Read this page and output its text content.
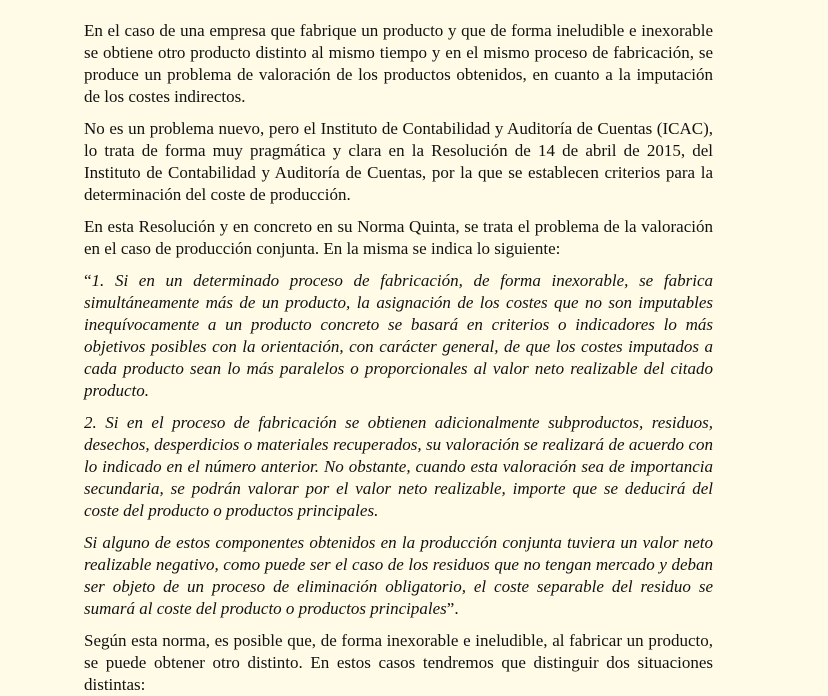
En el caso de una empresa que fabrique un producto y que de forma ineludible e inexorable se obtiene otro producto distinto al mismo tiempo y en el mismo proceso de fabricación, se produce un problema de valoración de los productos obtenidos, en cuanto a la imputación de los costes indirectos.

No es un problema nuevo, pero el Instituto de Contabilidad y Auditoría de Cuentas (ICAC), lo trata de forma muy pragmática y clara en la Resolución de 14 de abril de 2015, del Instituto de Contabilidad y Auditoría de Cuentas, por la que se establecen criterios para la determinación del coste de producción.

En esta Resolución y en concreto en su Norma Quinta, se trata el problema de la valoración en el caso de producción conjunta. En la misma se indica lo siguiente:

“1. Si en un determinado proceso de fabricación, de forma inexorable, se fabrica simultáneamente más de un producto, la asignación de los costes que no son imputables inequívocamente a un producto concreto se basará en criterios o indicadores lo más objetivos posibles con la orientación, con carácter general, de que los costes imputados a cada producto sean lo más paralelos o proporcionales al valor neto realizable del citado producto.

2. Si en el proceso de fabricación se obtienen adicionalmente subproductos, residuos, desechos, desperdicios o materiales recuperados, su valoración se realizará de acuerdo con lo indicado en el número anterior. No obstante, cuando esta valoración sea de importancia secundaria, se podrán valorar por el valor neto realizable, importe que se deducirá del coste del producto o productos principales.

Si alguno de estos componentes obtenidos en la producción conjunta tuviera un valor neto realizable negativo, como puede ser el caso de los residuos que no tengan mercado y deban ser objeto de un proceso de eliminación obligatorio, el coste separable del residuo se sumará al coste del producto o productos principales”.

Según esta norma, es posible que, de forma inexorable e ineludible, al fabricar un producto, se puede obtener otro distinto. En estos casos tendremos que distinguir dos situaciones distintas:
